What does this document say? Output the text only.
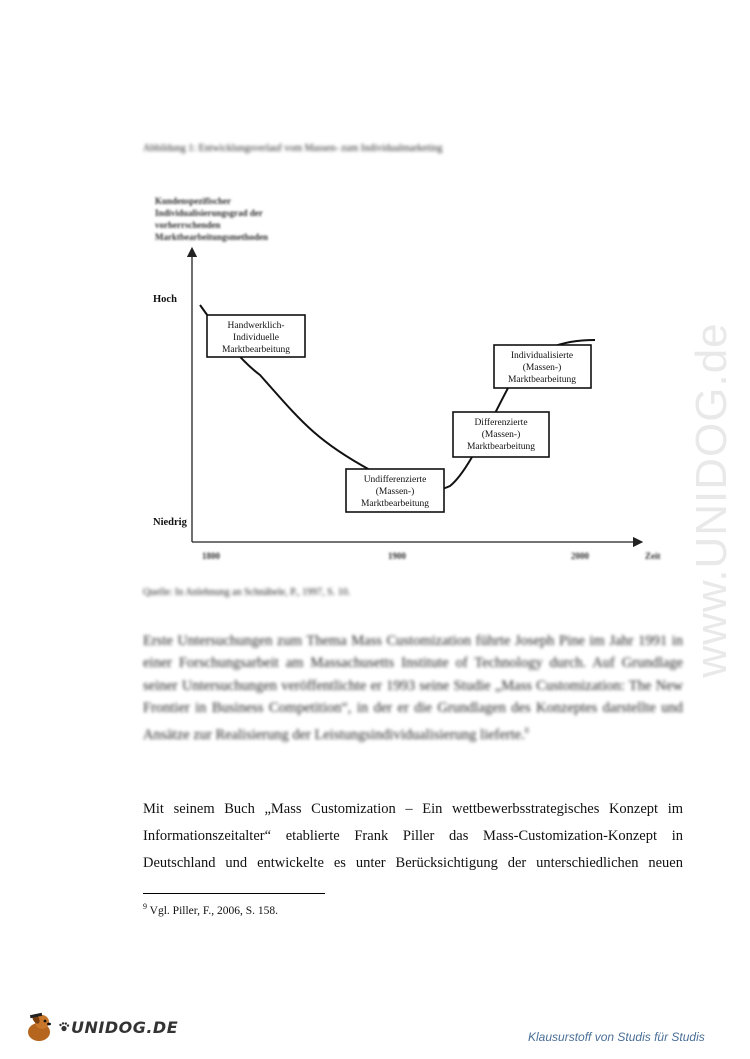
www.UNIDOG.de
Abbildung 1: Entwicklungsverlauf vom Massen- zum Individualmarketing
Kundenspezifischer
Individualisierungsgrad der
vorherrschenden
Marktbearbeitungsmethoden
Hoch
Niedrig
1800	1900	2000	Zeit
Handwerklich-
Individuelle
Marktbearbeitung
Undifferenzierte
(Massen-)
Marktbearbeitung
Differenzierte
(Massen-)
Marktbearbeitung
Individualisierte
(Massen-)
Marktbearbeitung
Quelle: In Anlehnung an Schnäbele, P., 1997, S. 10.
Erste Untersuchungen zum Thema Mass Customization führte Joseph Pine im Jahr 1991 in einer Forschungsarbeit am Massachusetts Institute of Technology durch. Auf Grundlage seiner Untersuchungen veröffentlichte er 1993 seine Studie „Mass Customization: The New Frontier in Business Competition“, in der er die Grundlagen des Konzeptes darstellte und Ansätze zur Realisierung der Leistungsindividualisierung lieferte.$^8$
Mit seinem Buch „Mass Customization – Ein wettbewerbsstrategisches Konzept im Informationszeitalter“ etablierte Frank Piller das Mass-Customization-Konzept in Deutschland und entwickelte es unter Berücksichtigung der unterschiedlichen neuen
$^9$ Vgl. Piller, F., 2006, S. 158.
UNIDOG.DE
Klausurstoff von Studis für Studis
